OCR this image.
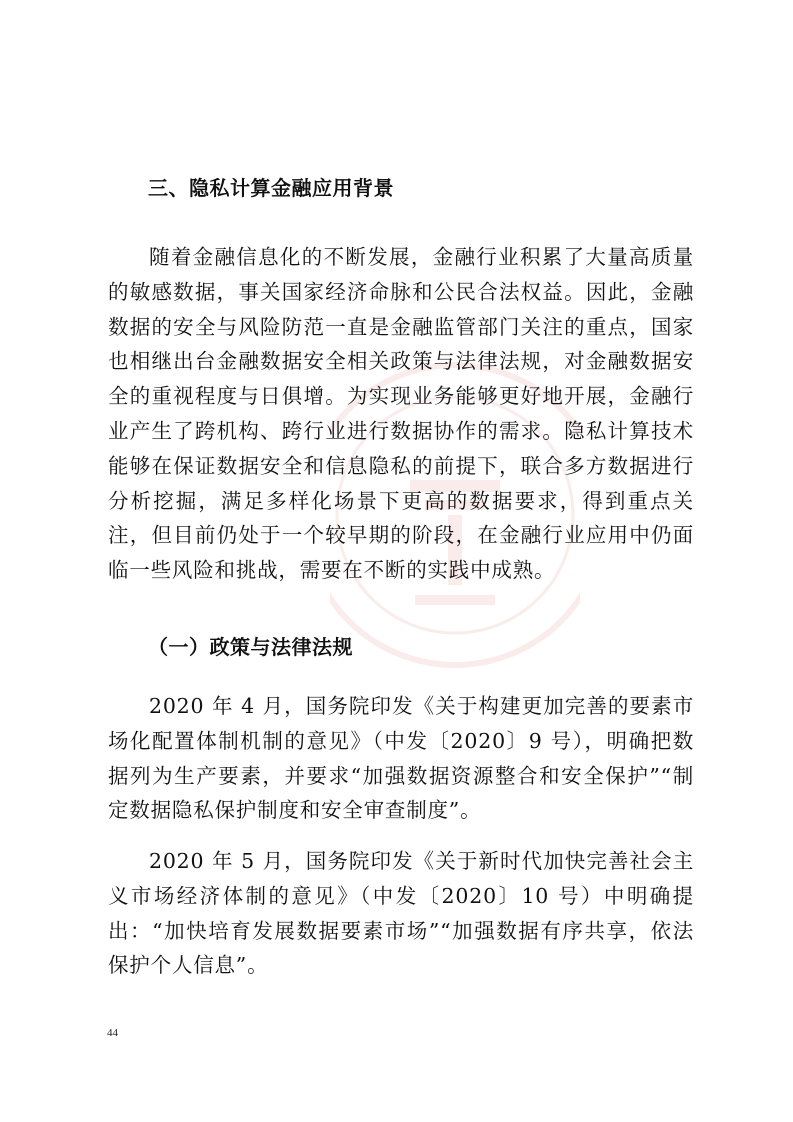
三、隐私计算金融应用背景

随着金融信息化的不断发展，金融行业积累了大量高质量的敏感数据，事关国家经济命脉和公民合法权益。因此，金融数据的安全与风险防范一直是金融监管部门关注的重点，国家也相继出台金融数据安全相关政策与法律法规，对金融数据安全的重视程度与日俱增。为实现业务能够更好地开展，金融行业产生了跨机构、跨行业进行数据协作的需求。隐私计算技术能够在保证数据安全和信息隐私的前提下，联合多方数据进行分析挖掘，满足多样化场景下更高的数据要求，得到重点关注，但目前仍处于一个较早期的阶段，在金融行业应用中仍面临一些风险和挑战，需要在不断的实践中成熟。

（一）政策与法律法规

2020 年 4 月，国务院印发《关于构建更加完善的要素市场化配置体制机制的意见》（中发〔2020〕9 号），明确把数据列为生产要素，并要求“加强数据资源整合和安全保护”“制定数据隐私保护制度和安全审查制度”。

2020 年 5 月，国务院印发《关于新时代加快完善社会主义市场经济体制的意见》（中发〔2020〕10 号）中明确提出：“加快培育发展数据要素市场”“加强数据有序共享，依法保护个人信息”。

44
